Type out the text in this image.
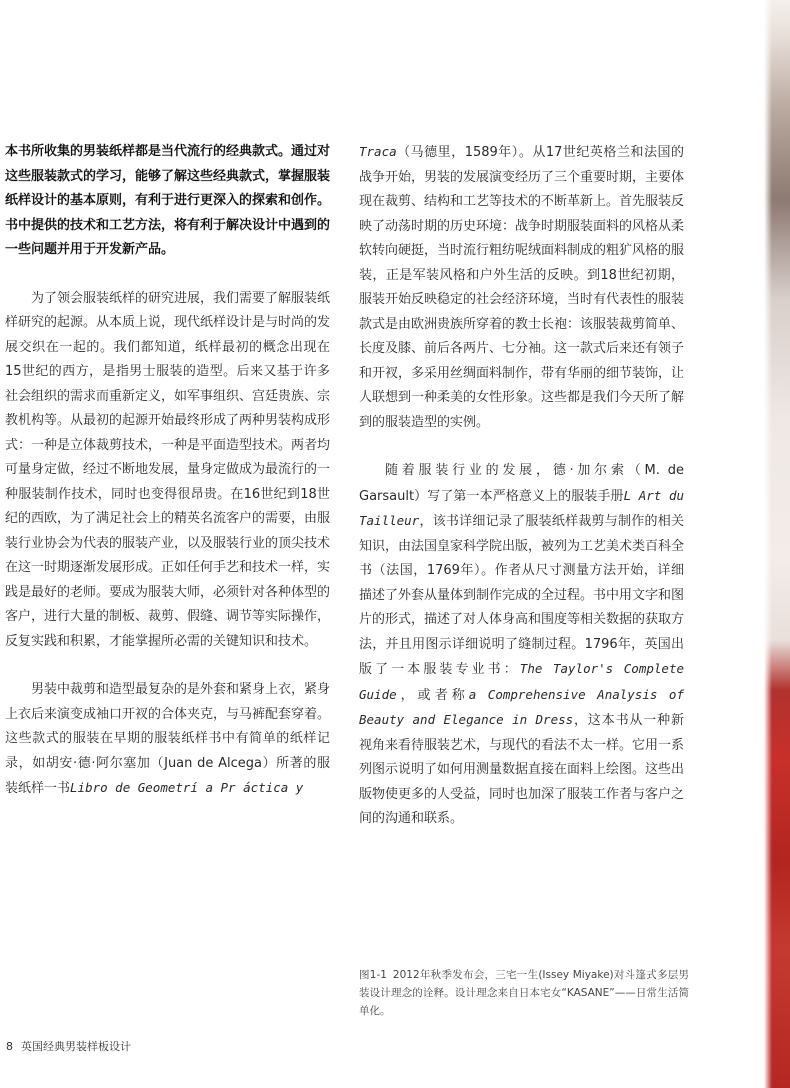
本书所收集的男装纸样都是当代流行的经典款式。通过对这些服装款式的学习，能够了解这些经典款式，掌握服装纸样设计的基本原则，有利于进行更深入的探索和创作。书中提供的技术和工艺方法，将有利于解决设计中遇到的一些问题并用于开发新产品。

为了领会服装纸样的研究进展，我们需要了解服装纸样研究的起源。从本质上说，现代纸样设计是与时尚的发展交织在一起的。我们都知道，纸样最初的概念出现在15世纪的西方，是指男士服装的造型。后来又基于许多社会组织的需求而重新定义，如军事组织、宫廷贵族、宗教机构等。从最初的起源开始最终形成了两种男装构成形式：一种是立体裁剪技术，一种是平面造型技术。两者均可量身定做，经过不断地发展，量身定做成为最流行的一种服装制作技术，同时也变得很昂贵。在16世纪到18世纪的西欧，为了满足社会上的精英名流客户的需要，由服装行业协会为代表的服装产业，以及服装行业的顶尖技术在这一时期逐渐发展形成。正如任何手艺和技术一样，实践是最好的老师。要成为服装大师，必须针对各种体型的客户，进行大量的制板、裁剪、假缝、调节等实际操作，反复实践和积累，才能掌握所必需的关键知识和技术。

男装中裁剪和造型最复杂的是外套和紧身上衣，紧身上衣后来演变成袖口开衩的合体夹克，与马裤配套穿着。这些款式的服装在早期的服装纸样书中有简单的纸样记录，如胡安·德·阿尔塞加（Juan de Alcega）所著的服装纸样一书Libro de Geometrí a Pr áctica y

Traca（马德里，1589年）。从17世纪英格兰和法国的战争开始，男装的发展演变经历了三个重要时期，主要体现在裁剪、结构和工艺等技术的不断革新上。首先服装反映了动荡时期的历史环境：战争时期服装面料的风格从柔软转向硬挺，当时流行粗纺呢绒面料制成的粗犷风格的服装，正是军装风格和户外生活的反映。到18世纪初期，服装开始反映稳定的社会经济环境，当时有代表性的服装款式是由欧洲贵族所穿着的教士长袍：该服装裁剪简单、长度及膝、前后各两片、七分袖。这一款式后来还有领子和开衩，多采用丝绸面料制作，带有华丽的细节装饰，让人联想到一种柔美的女性形象。这些都是我们今天所了解到的服装造型的实例。

随着服装行业的发展，德·加尔索（M. de Garsault）写了第一本严格意义上的服装手册L Art du Tailleur，该书详细记录了服装纸样裁剪与制作的相关知识，由法国皇家科学院出版，被列为工艺美术类百科全书（法国，1769年）。作者从尺寸测量方法开始，详细描述了外套从量体到制作完成的全过程。书中用文字和图片的形式，描述了对人体身高和围度等相关数据的获取方法，并且用图示详细说明了缝制过程。1796年，英国出版了一本服装专业书：The Taylor's Complete Guide，或者称a Comprehensive Analysis of Beauty and Elegance in Dress，这本书从一种新视角来看待服装艺术，与现代的看法不太一样。它用一系列图示说明了如何用测量数据直接在面料上绘图。这些出版物使更多的人受益，同时也加深了服装工作者与客户之间的沟通和联系。

图1-1 2012年秋季发布会，三宅一生(Issey Miyake)对斗篷式多层男装设计理念的诠释。设计理念来自日本宅女“KASANE”——日常生活简单化。
8 英国经典男装样板设计
